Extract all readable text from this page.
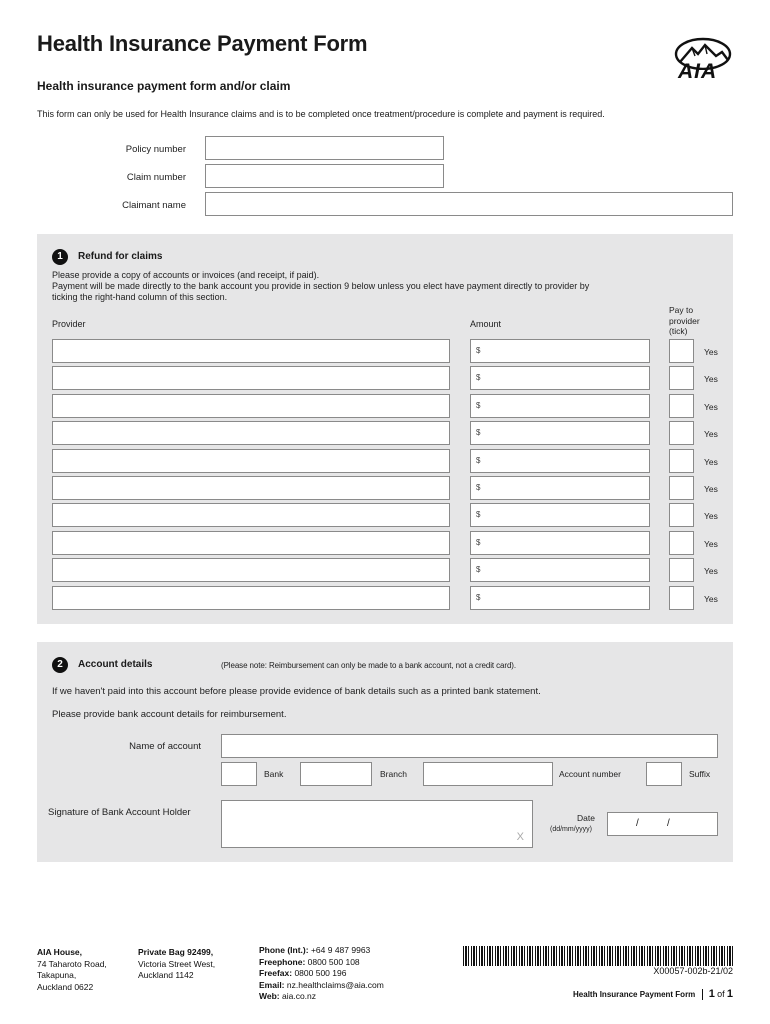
Health Insurance Payment Form
Health insurance payment form and/or claim
This form can only be used for Health Insurance claims and is to be completed once treatment/procedure is complete and payment is required.
AIA
Policy number
Claim number
Claimant name
1	Refund for claims
Please provide a copy of accounts or invoices (and receipt, if paid).
Payment will be made directly to the bank account you provide in section 9 below unless you elect have payment directly to provider by
ticking the right-hand column of this section.
Provider	Amount
Pay to
provider
(tick)
$	Yes
$	Yes
$	Yes
$	Yes
$	Yes
$	Yes
$	Yes
$	Yes
$	Yes
$	Yes
2	Account details	(Please note: Reimbursement can only be made to a bank account, not a credit card).
If we haven't paid into this account before please provide evidence of bank details such as a printed bank statement.
Please provide bank account details for reimbursement.
Name of account
Bank	Branch	Account number	Suffix
Signature of Bank Account Holder
X
Date
(dd/mm/yyyy)
/	/
AIA House,
74 Taharoto Road,
Takapuna,
Auckland 0622
Private Bag 92499,
Victoria Street West,
Auckland 1142
Phone (Int.): +64 9 487 9963
Freephone: 0800 500 108
Freefax: 0800 500 196
Email: nz.healthclaims@aia.com
Web: aia.co.nz
X00057-002b-21/02
Health Insurance Payment Form 1 of 1
